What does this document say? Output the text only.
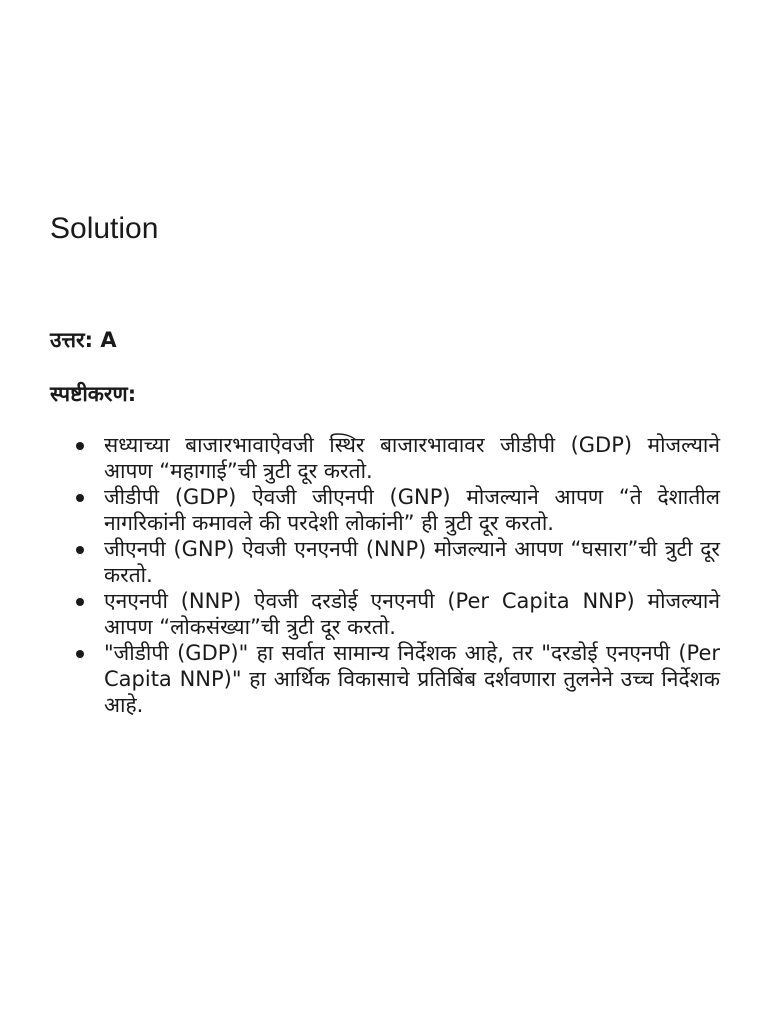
Solution

उत्तर: A

स्पष्टीकरण:

सध्याच्या बाजारभावाऐवजी स्थिर बाजारभावावर जीडीपी (GDP) मोजल्याने आपण “महागाई”ची त्रुटी दूर करतो.
जीडीपी (GDP) ऐवजी जीएनपी (GNP) मोजल्याने आपण “ते देशातील नागरिकांनी कमावले की परदेशी लोकांनी” ही त्रुटी दूर करतो.
जीएनपी (GNP) ऐवजी एनएनपी (NNP) मोजल्याने आपण “घसारा”ची त्रुटी दूर करतो.
एनएनपी (NNP) ऐवजी दरडोई एनएनपी (Per Capita NNP) मोजल्याने आपण “लोकसंख्या”ची त्रुटी दूर करतो.
"जीडीपी (GDP)" हा सर्वात सामान्य निर्देशक आहे, तर "दरडोई एनएनपी (Per Capita NNP)" हा आर्थिक विकासाचे प्रतिबिंब दर्शवणारा तुलनेने उच्च निर्देशक आहे.
